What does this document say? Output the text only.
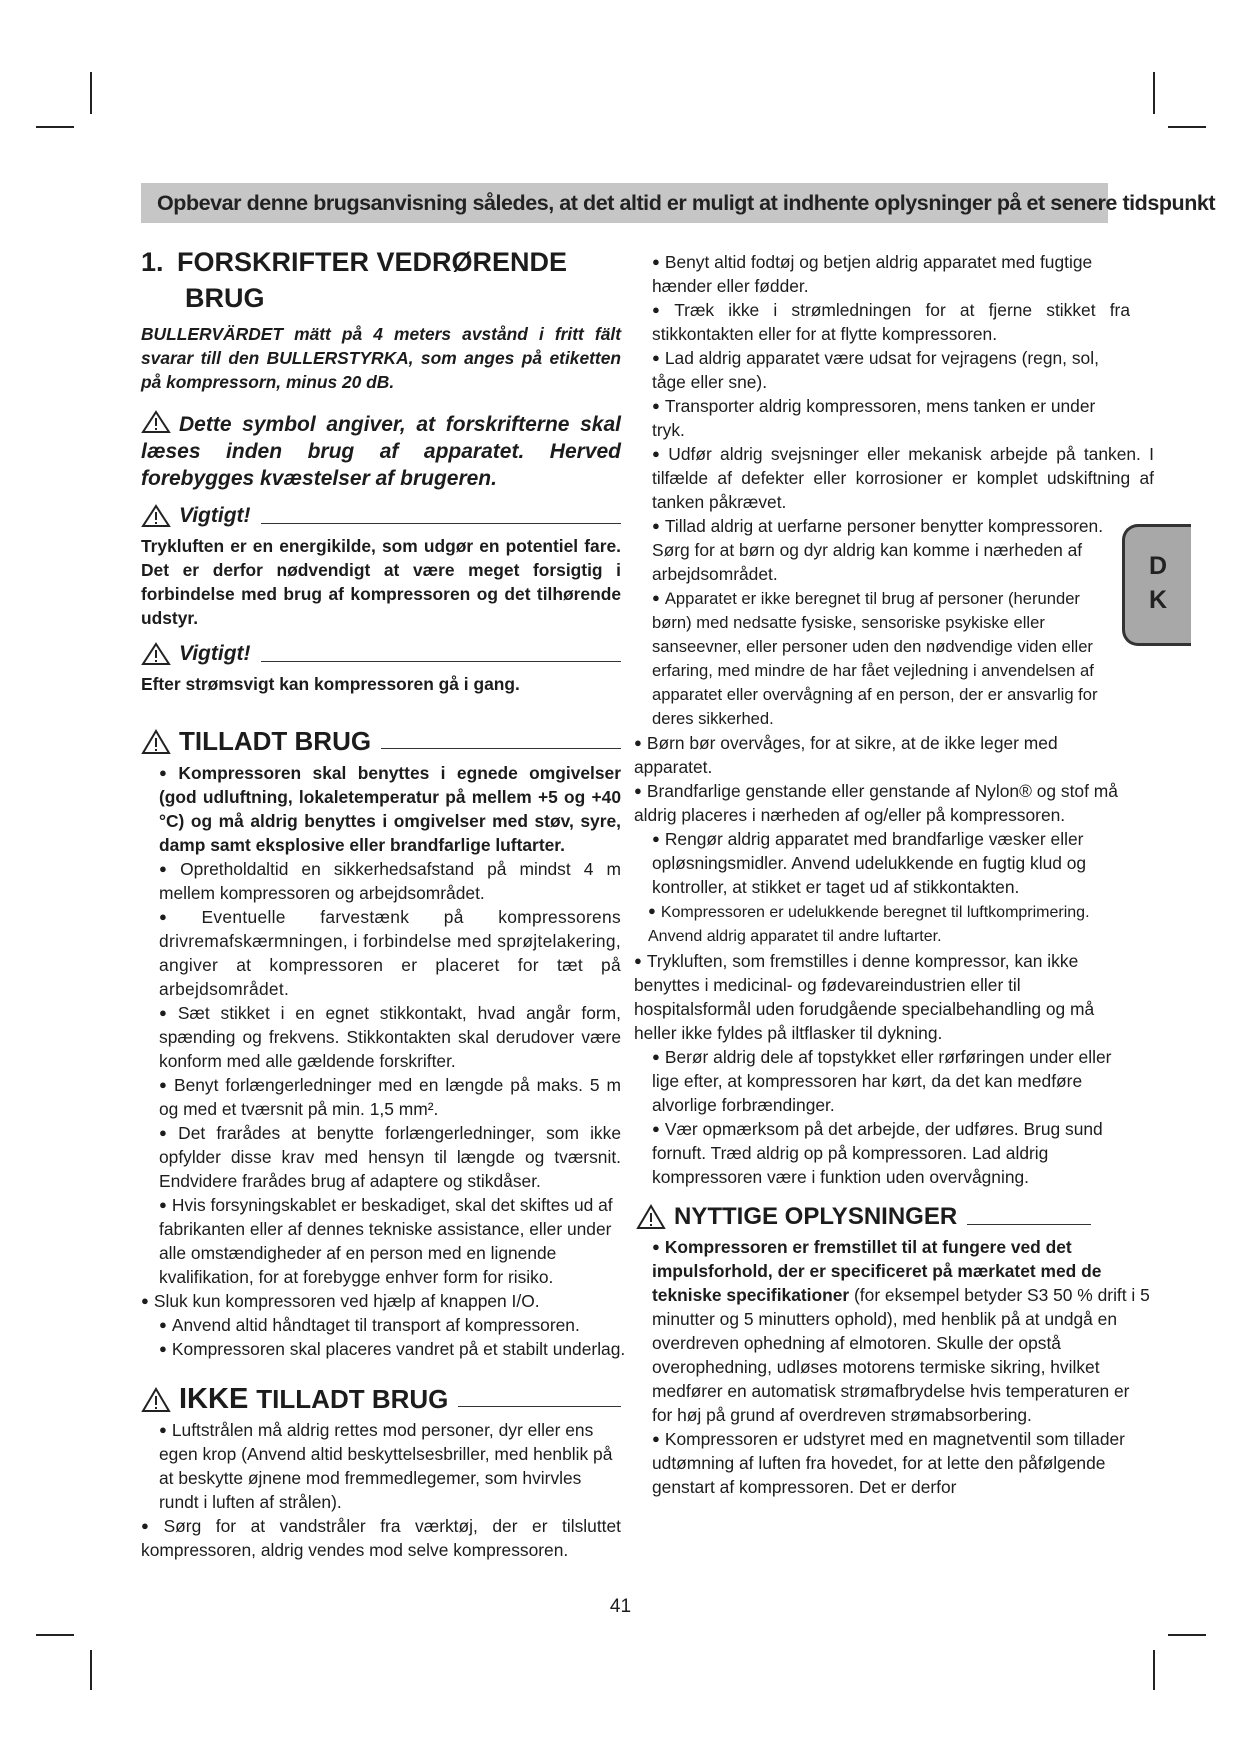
Opbevar denne brugsanvisning således, at det altid er muligt at indhente oplysninger på et senere tidspunkt
1. FORSKRIFTER VEDRØRENDE
BRUG

BULLERVÄRDET mätt på 4 meters avstånd i fritt fält svarar till den BULLERSTYRKA, som anges på etiketten på kompressorn, minus 20 dB.

Dette symbol angiver, at forskrifterne skal læses inden brug af apparatet. Herved forebygges kvæstelser af brugeren.

Vigtigt!

Trykluften er en energikilde, som udgør en potentiel fare. Det er derfor nødvendigt at være meget forsigtig i forbindelse med brug af kompressoren og det tilhørende udstyr.

Vigtigt!

Efter strømsvigt kan kompressoren gå i gang.

TILLADT BRUG

● Kompressoren skal benyttes i egnede omgivelser (god udluftning, lokaletemperatur på mellem +5 og +40 °C) og må aldrig benyttes i omgivelser med støv, syre, damp samt eksplosive eller brandfarlige luftarter.

● Opretholdaltid en sikkerhedsafstand på mindst 4 m mellem kompressoren og arbejdsområdet.

● Eventuelle farvestænk på kompressorens drivremafskærmningen, i forbindelse med sprøjtelakering, angiver at kompressoren er placeret for tæt på arbejdsområdet.

● Sæt stikket i en egnet stikkontakt, hvad angår form, spænding og frekvens. Stikkontakten skal derudover være konform med alle gældende forskrifter.

● Benyt forlængerledninger med en længde på maks. 5 m og med et tværsnit på min. 1,5 mm².

● Det frarådes at benytte forlængerledninger, som ikke opfylder disse krav med hensyn til længde og tværsnit. Endvidere frarådes brug af adaptere og stikdåser.

● Hvis forsyningskablet er beskadiget, skal det skiftes ud af fabrikanten eller af dennes tekniske assistance, eller under alle omstændigheder af en person med en lignende kvalifikation, for at forebygge enhver form for risiko.

● Sluk kun kompressoren ved hjælp af knappen I/O.

● Anvend altid håndtaget til transport af kompressoren.

● Kompressoren skal placeres vandret på et stabilt underlag.

IKKE TILLADT BRUG

● Luftstrålen må aldrig rettes mod personer, dyr eller ens egen krop (Anvend altid beskyttelsesbriller, med henblik på at beskytte øjnene mod fremmedlegemer, som hvirvles rundt i luften af strålen).

● Sørg for at vandstråler fra værktøj, der er tilsluttet kompressoren, aldrig vendes mod selve kompressoren.

● Benyt altid fodtøj og betjen aldrig apparatet med fugtige hænder eller fødder.

● Træk ikke i strømledningen for at fjerne stikket fra stikkontakten eller for at flytte kompressoren.

● Lad aldrig apparatet være udsat for vejragens (regn, sol, tåge eller sne).

● Transporter aldrig kompressoren, mens tanken er under tryk.

● Udfør aldrig svejsninger eller mekanisk arbejde på tanken. I tilfælde af defekter eller korrosioner er komplet udskiftning af tanken påkrævet.

● Tillad aldrig at uerfarne personer benytter kompressoren. Sørg for at børn og dyr aldrig kan komme i nærheden af arbejdsområdet.

● Apparatet er ikke beregnet til brug af personer (herunder børn) med nedsatte fysiske, sensoriske psykiske eller sanseevner, eller personer uden den nødvendige viden eller erfaring, med mindre de har fået vejledning i anvendelsen af apparatet eller overvågning af en person, der er ansvarlig for deres sikkerhed.

● Børn bør overvåges, for at sikre, at de ikke leger med apparatet.

● Brandfarlige genstande eller genstande af Nylon® og stof må aldrig placeres i nærheden af og/eller på kompressoren.

● Rengør aldrig apparatet med brandfarlige væsker eller opløsningsmidler. Anvend udelukkende en fugtig klud og kontroller, at stikket er taget ud af stikkontakten.

● Kompressoren er udelukkende beregnet til luftkomprimering. Anvend aldrig apparatet til andre luftarter.

● Trykluften, som fremstilles i denne kompressor, kan ikke benyttes i medicinal- og fødevareindustrien eller til hospitalsformål uden forudgående specialbehandling og må heller ikke fyldes på iltflasker til dykning.

● Berør aldrig dele af topstykket eller rørføringen under eller lige efter, at kompressoren har kørt, da det kan medføre alvorlige forbrændinger.

● Vær opmærksom på det arbejde, der udføres. Brug sund fornuft. Træd aldrig op på kompressoren. Lad aldrig kompressoren være i funktion uden overvågning.

NYTTIGE OPLYSNINGER

● Kompressoren er fremstillet til at fungere ved det impulsforhold, der er specificeret på mærkatet med de tekniske specifikationer (for eksempel betyder S3 50 % drift i 5 minutter og 5 minutters ophold), med henblik på at undgå en overdreven ophedning af elmotoren. Skulle der opstå overophedning, udløses motorens termiske sikring, hvilket medfører en automatisk strømafbrydelse hvis temperaturen er for høj på grund af overdreven strømabsorbering.

● Kompressoren er udstyret med en magnetventil som tillader udtømning af luften fra hovedet, for at lette den påfølgende genstart af kompressoren. Det er derfor

D
K
41
